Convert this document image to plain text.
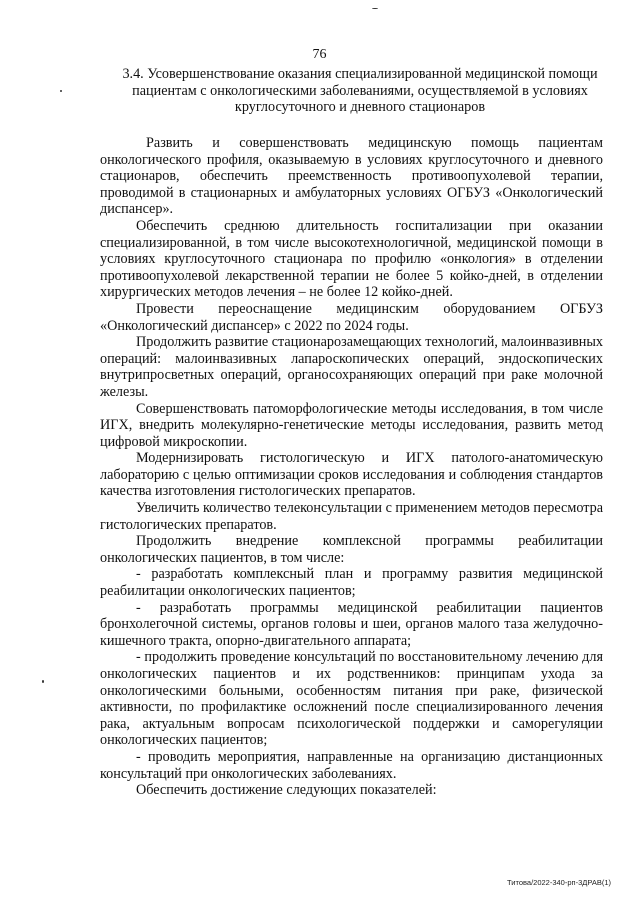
76
3.4. Усовершенствование оказания специализированной медицинской помощи пациентам с онкологическими заболеваниями, осуществляемой в условиях круглосуточного и дневного стационаров

Развить и совершенствовать медицинскую помощь пациентам онкологического профиля, оказываемую в условиях круглосуточного и дневного стационаров, обеспечить преемственность противоопухолевой терапии, проводимой в стационарных и амбулаторных условиях ОГБУЗ «Онкологический диспансер».

Обеспечить среднюю длительность госпитализации при оказании специализированной, в том числе высокотехнологичной, медицинской помощи в условиях круглосуточного стационара по профилю «онкология» в отделении противоопухолевой лекарственной терапии не более 5 койко-дней, в отделении хирургических методов лечения – не более 12 койко-дней.

Провести переоснащение медицинским оборудованием ОГБУЗ «Онкологический диспансер» с 2022 по 2024 годы.

Продолжить развитие стационарозамещающих технологий, малоинвазивных операций: малоинвазивных лапароскопических операций, эндоскопических внутрипросветных операций, органосохраняющих операций при раке молочной железы.

Совершенствовать патоморфологические методы исследования, в том числе ИГХ, внедрить молекулярно-генетические методы исследования, развить метод цифровой микроскопии.

Модернизировать гистологическую и ИГХ патолого-анатомическую лабораторию с целью оптимизации сроков исследования и соблюдения стандартов качества изготовления гистологических препаратов.

Увеличить количество телеконсультации с применением методов пересмотра гистологических препаратов.

Продолжить внедрение комплексной программы реабилитации онкологических пациентов, в том числе:

- разработать комплексный план и программу развития медицинской реабилитации онкологических пациентов;

- разработать программы медицинской реабилитации пациентов бронхолегочной системы, органов головы и шеи, органов малого таза желудочно-кишечного тракта, опорно-двигательного аппарата;

- продолжить проведение консультаций по восстановительному лечению для онкологических пациентов и их родственников: принципам ухода за онкологическими больными, особенностям питания при раке, физической активности, по профилактике осложнений после специализированного лечения рака, актуальным вопросам психологической поддержки и саморегуляции онкологических пациентов;

- проводить мероприятия, направленные на организацию дистанционных консультаций при онкологических заболеваниях.

Обеспечить достижение следующих показателей:

Титова/2022-340-рп-3ДРАВ(1)
